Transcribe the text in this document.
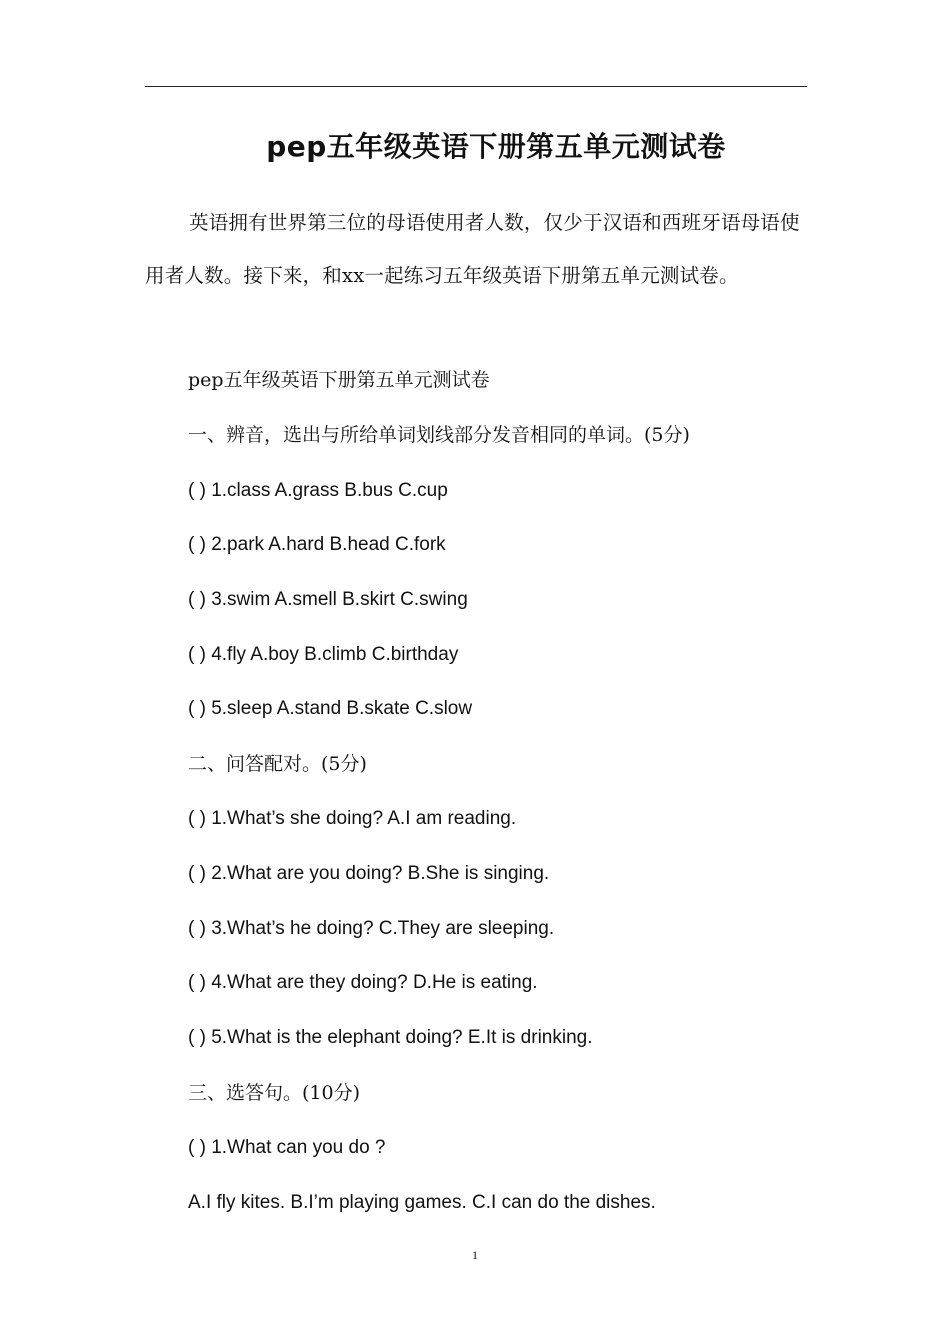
pep五年级英语下册第五单元测试卷
英语拥有世界第三位的母语使用者人数，仅少于汉语和西班牙语母语使用者人数。接下来，和xx一起练习五年级英语下册第五单元测试卷。
pep五年级英语下册第五单元测试卷
一、辨音，选出与所给单词划线部分发音相同的单词。(5分)
( ) 1.class A.grass B.bus C.cup
( ) 2.park A.hard B.head C.fork
( ) 3.swim A.smell B.skirt C.swing
( ) 4.fly A.boy B.climb C.birthday
( ) 5.sleep A.stand B.skate C.slow
二、问答配对。(5分)
( ) 1.What’s she doing? A.I am reading.
( ) 2.What are you doing? B.She is singing.
( ) 3.What’s he doing? C.They are sleeping.
( ) 4.What are they doing? D.He is eating.
( ) 5.What is the elephant doing? E.It is drinking.
三、选答句。(10分)
( ) 1.What can you do ?
A.I fly kites. B.I’m playing games. C.I can do the dishes.
1
